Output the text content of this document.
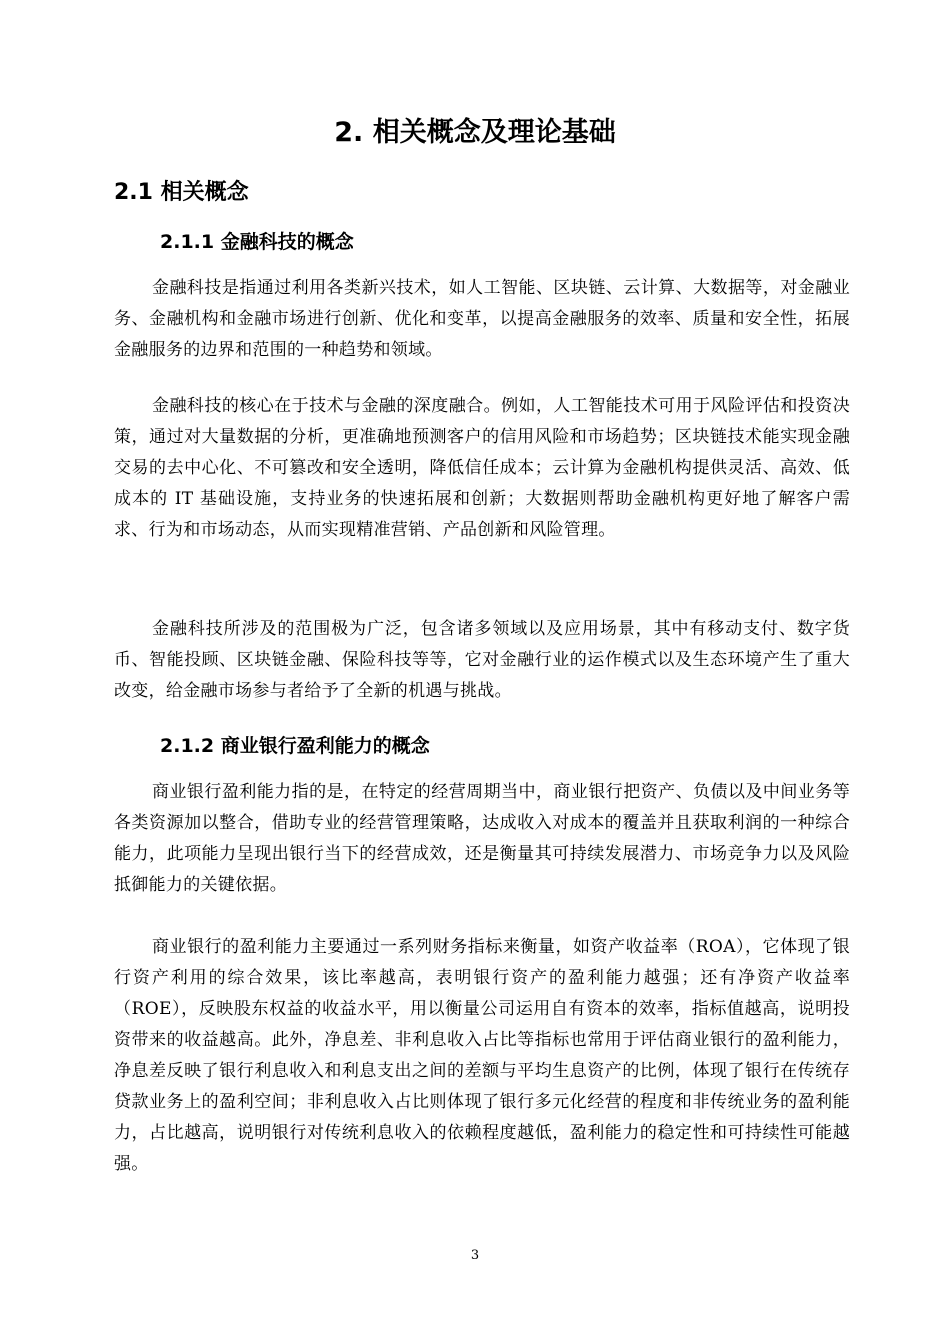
2. 相关概念及理论基础
2.1 相关概念
2.1.1 金融科技的概念

金融科技是指通过利用各类新兴技术，如人工智能、区块链、云计算、大数据等，对金融业务、金融机构和金融市场进行创新、优化和变革，以提高金融服务的效率、质量和安全性，拓展金融服务的边界和范围的一种趋势和领域。

金融科技的核心在于技术与金融的深度融合。例如，人工智能技术可用于风险评估和投资决策，通过对大量数据的分析，更准确地预测客户的信用风险和市场趋势；区块链技术能实现金融交易的去中心化、不可篡改和安全透明，降低信任成本；云计算为金融机构提供灵活、高效、低成本的 IT 基础设施，支持业务的快速拓展和创新；大数据则帮助金融机构更好地了解客户需求、行为和市场动态，从而实现精准营销、产品创新和风险管理。

金融科技所涉及的范围极为广泛，包含诸多领域以及应用场景，其中有移动支付、数字货币、智能投顾、区块链金融、保险科技等等，它对金融行业的运作模式以及生态环境产生了重大改变，给金融市场参与者给予了全新的机遇与挑战。

2.1.2 商业银行盈利能力的概念

商业银行盈利能力指的是，在特定的经营周期当中，商业银行把资产、负债以及中间业务等各类资源加以整合，借助专业的经营管理策略，达成收入对成本的覆盖并且获取利润的一种综合能力，此项能力呈现出银行当下的经营成效，还是衡量其可持续发展潜力、市场竞争力以及风险抵御能力的关键依据。

商业银行的盈利能力主要通过一系列财务指标来衡量，如资产收益率（ROA），它体现了银行资产利用的综合效果，该比率越高，表明银行资产的盈利能力越强；还有净资产收益率（ROE），反映股东权益的收益水平，用以衡量公司运用自有资本的效率，指标值越高，说明投资带来的收益越高。此外，净息差、非利息收入占比等指标也常用于评估商业银行的盈利能力，净息差反映了银行利息收入和利息支出之间的差额与平均生息资产的比例，体现了银行在传统存贷款业务上的盈利空间；非利息收入占比则体现了银行多元化经营的程度和非传统业务的盈利能力，占比越高，说明银行对传统利息收入的依赖程度越低，盈利能力的稳定性和可持续性可能越强。

3
